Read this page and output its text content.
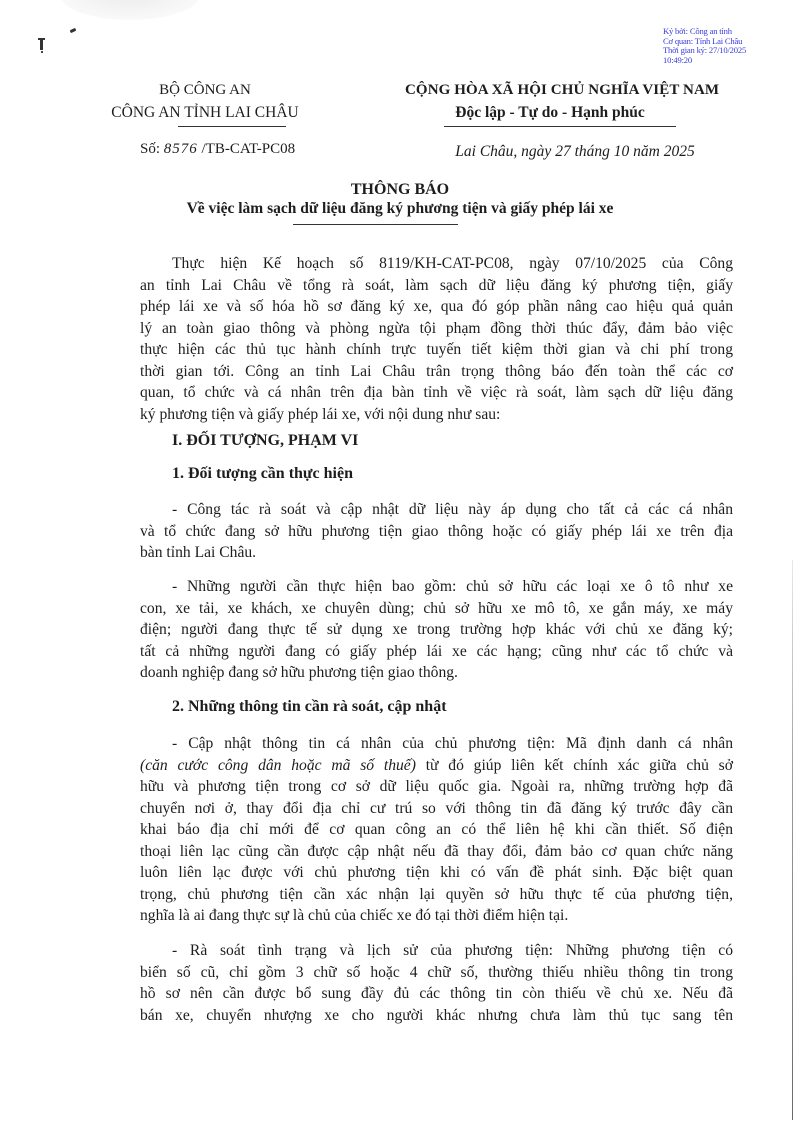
Ký bởi: Công an tỉnh
Cơ quan: Tỉnh Lai Châu
Thời gian ký: 27/10/2025
10:49:20
BỘ CÔNG AN
CÔNG AN TỈNH LAI CHÂU
CỘNG HÒA XÃ HỘI CHỦ NGHĨA VIỆT NAM
Độc lập - Tự do - Hạnh phúc
Số: 8576 /TB-CAT-PC08	Lai Châu, ngày 27 tháng 10 năm 2025
THÔNG BÁO
Về việc làm sạch dữ liệu đăng ký phương tiện và giấy phép lái xe
Thực hiện Kế hoạch số 8119/KH-CAT-PC08, ngày 07/10/2025 của Công
an tỉnh Lai Châu về tổng rà soát, làm sạch dữ liệu đăng ký phương tiện, giấy
phép lái xe và số hóa hồ sơ đăng ký xe, qua đó góp phần nâng cao hiệu quả quản
lý an toàn giao thông và phòng ngừa tội phạm đồng thời thúc đẩy, đảm bảo việc
thực hiện các thủ tục hành chính trực tuyến tiết kiệm thời gian và chi phí trong
thời gian tới. Công an tỉnh Lai Châu trân trọng thông báo đến toàn thể các cơ
quan, tổ chức và cá nhân trên địa bàn tỉnh về việc rà soát, làm sạch dữ liệu đăng
ký phương tiện và giấy phép lái xe, với nội dung như sau:
I. ĐỐI TƯỢNG, PHẠM VI
1. Đối tượng cần thực hiện
- Công tác rà soát và cập nhật dữ liệu này áp dụng cho tất cả các cá nhân
và tổ chức đang sở hữu phương tiện giao thông hoặc có giấy phép lái xe trên địa
bàn tỉnh Lai Châu.
- Những người cần thực hiện bao gồm: chủ sở hữu các loại xe ô tô như xe
con, xe tải, xe khách, xe chuyên dùng; chủ sở hữu xe mô tô, xe gắn máy, xe máy
điện; người đang thực tế sử dụng xe trong trường hợp khác với chủ xe đăng ký;
tất cả những người đang có giấy phép lái xe các hạng; cũng như các tổ chức và
doanh nghiệp đang sở hữu phương tiện giao thông.
2. Những thông tin cần rà soát, cập nhật
- Cập nhật thông tin cá nhân của chủ phương tiện: Mã định danh cá nhân
(căn cước công dân hoặc mã số thuế) từ đó giúp liên kết chính xác giữa chủ sở
hữu và phương tiện trong cơ sở dữ liệu quốc gia. Ngoài ra, những trường hợp đã
chuyển nơi ở, thay đổi địa chỉ cư trú so với thông tin đã đăng ký trước đây cần
khai báo địa chỉ mới để cơ quan công an có thể liên hệ khi cần thiết. Số điện
thoại liên lạc cũng cần được cập nhật nếu đã thay đổi, đảm bảo cơ quan chức năng
luôn liên lạc được với chủ phương tiện khi có vấn đề phát sinh. Đặc biệt quan
trọng, chủ phương tiện cần xác nhận lại quyền sở hữu thực tế của phương tiện,
nghĩa là ai đang thực sự là chủ của chiếc xe đó tại thời điểm hiện tại.
- Rà soát tình trạng và lịch sử của phương tiện: Những phương tiện có
biển số cũ, chỉ gồm 3 chữ số hoặc 4 chữ số, thường thiếu nhiều thông tin trong
hồ sơ nên cần được bổ sung đầy đủ các thông tin còn thiếu về chủ xe. Nếu đã
bán xe, chuyển nhượng xe cho người khác nhưng chưa làm thủ tục sang tên
